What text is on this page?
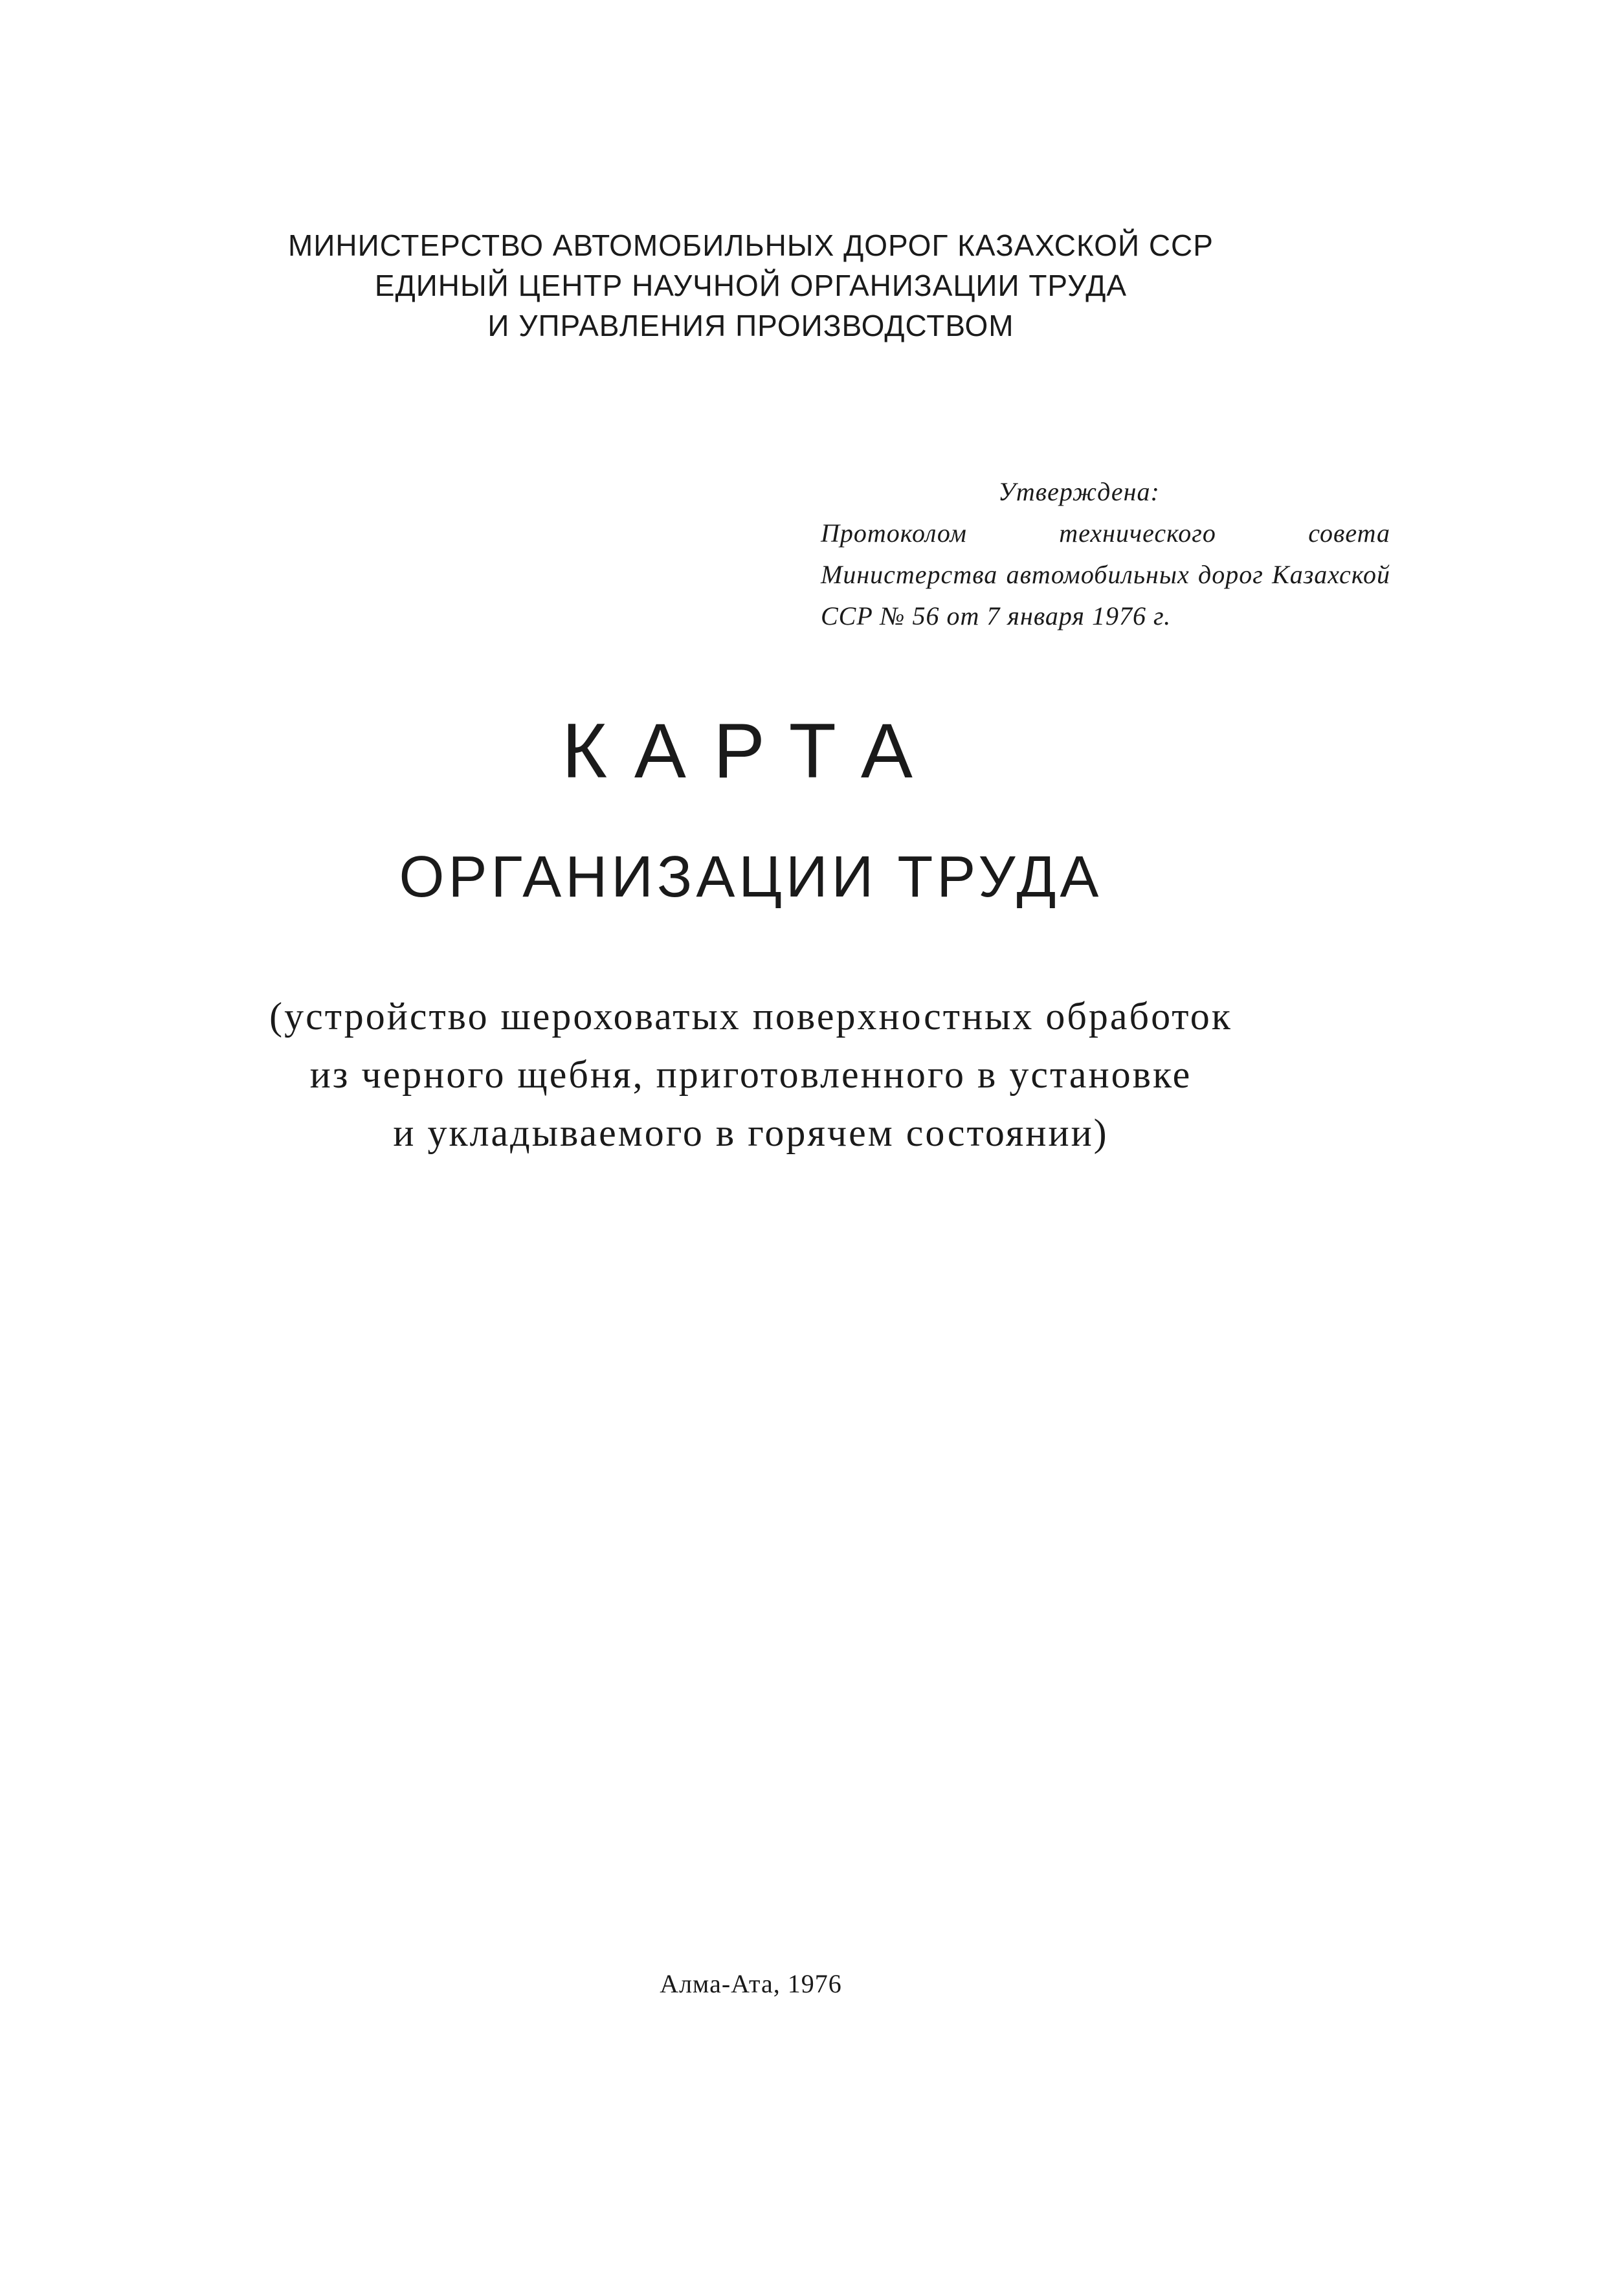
МИНИСТЕРСТВО АВТОМОБИЛЬНЫХ ДОРОГ КАЗАХСКОЙ ССР
ЕДИНЫЙ ЦЕНТР НАУЧНОЙ ОРГАНИЗАЦИИ ТРУДА
И УПРАВЛЕНИЯ ПРОИЗВОДСТВОМ
Утверждена:
Протоколом технического совета Министерства автомобильных дорог Казахской ССР № 56 от 7 января 1976 г.
КАРТА
ОРГАНИЗАЦИИ ТРУДА
(устройство шероховатых поверхностных обработок
из черного щебня, приготовленного в установке
и укладываемого в горячем состоянии)
Алма-Ата, 1976
